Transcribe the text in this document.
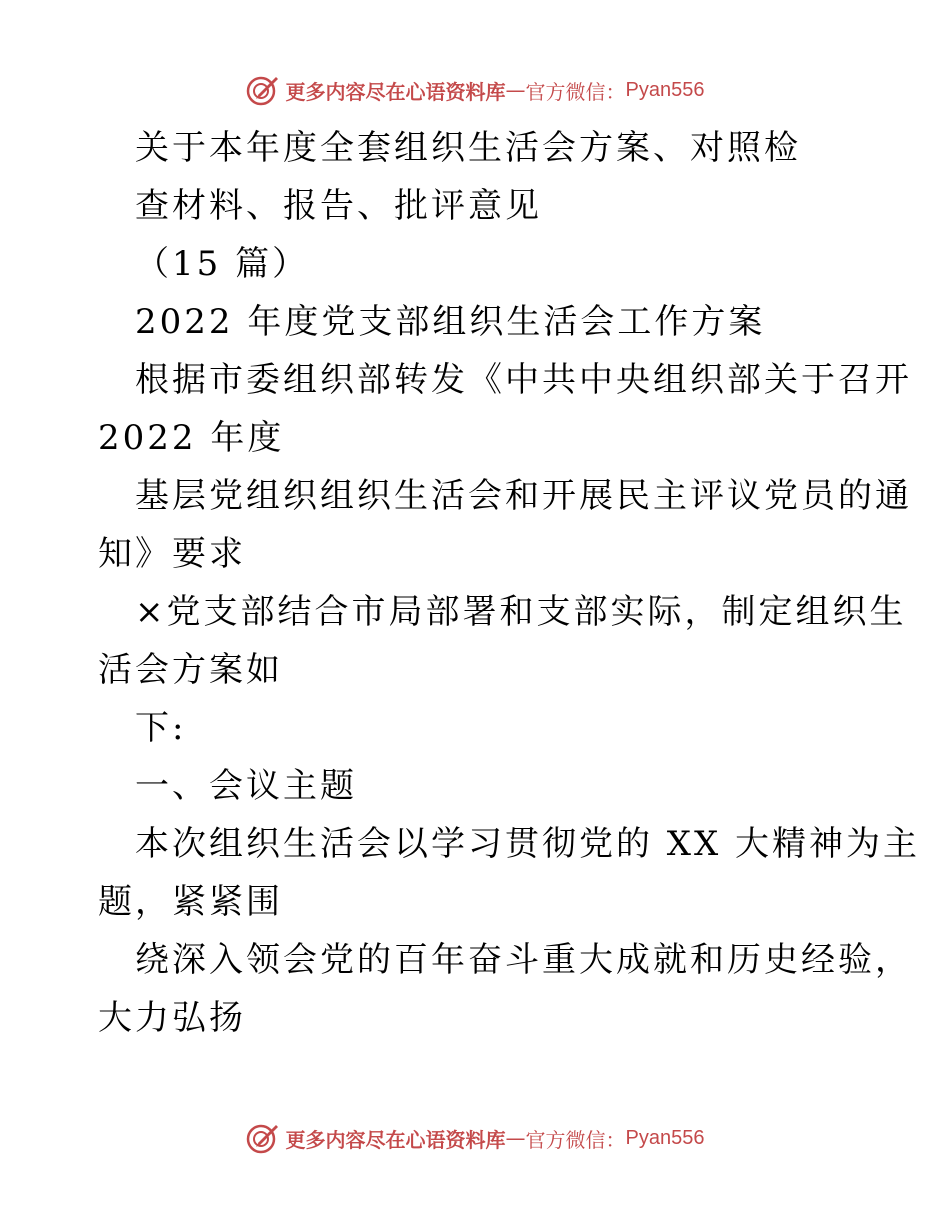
更多内容尽在心语资料库 — 官方微信： Pyan556
关于本年度全套组织生活会方案、对照检
查材料、报告、批评意见
（15 篇）
2022 年度党支部组织生活会工作方案
根据市委组织部转发《中共中央组织部关于召开
2022 年度
基层党组织组织生活会和开展民主评议党员的通
知》要求
×党支部结合市局部署和支部实际，制定组织生
活会方案如
下:
一、会议主题
本次组织生活会以学习贯彻党的 XX 大精神为主
题，紧紧围
绕深入领会党的百年奋斗重大成就和历史经验，
大力弘扬
更多内容尽在心语资料库 — 官方微信： Pyan556
